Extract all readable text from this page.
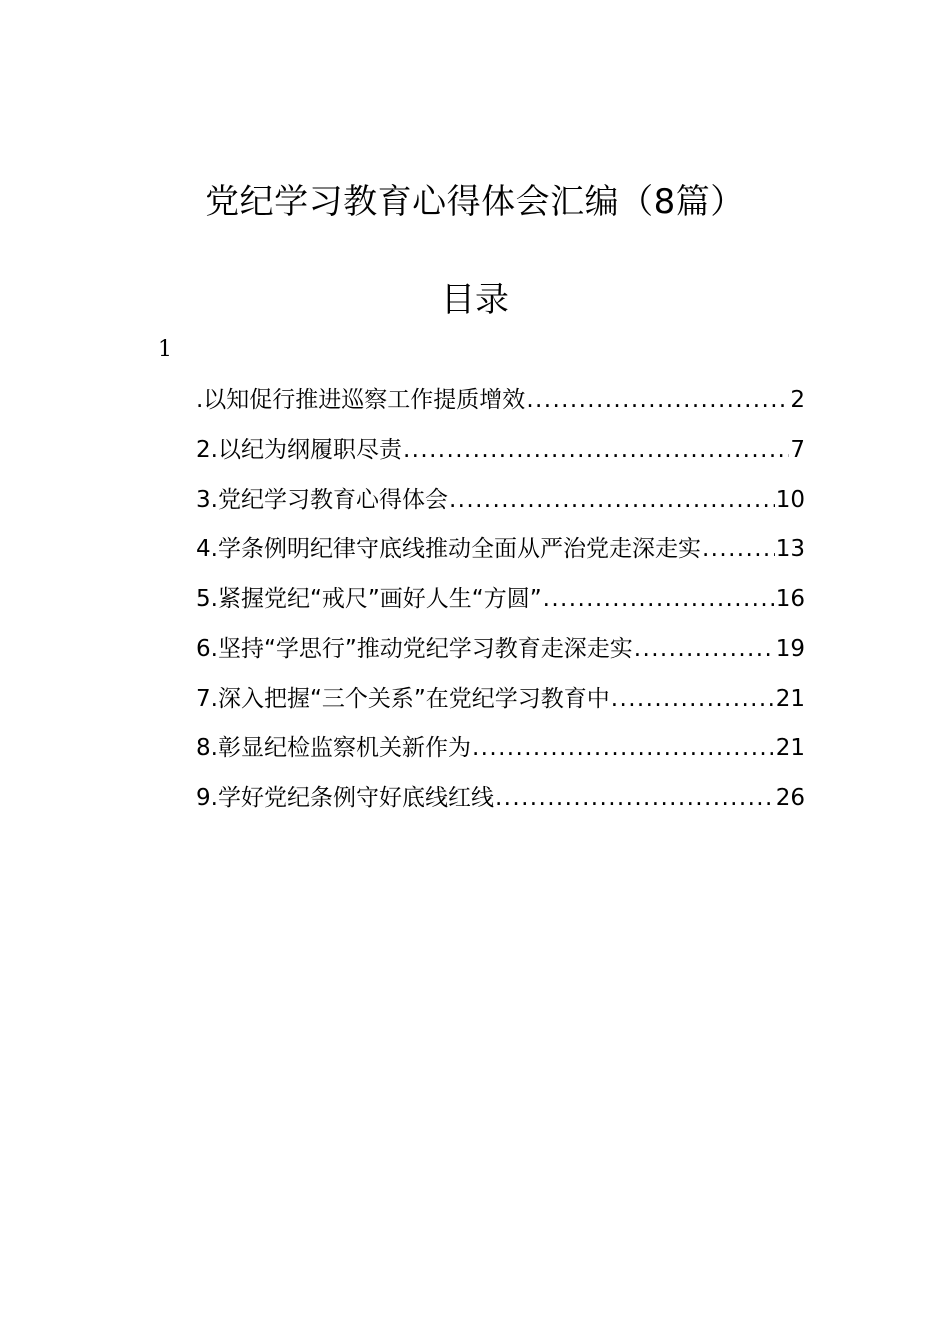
党纪学习教育心得体会汇编（8篇）
目录
1
.以知促行推进巡察工作提质增效 .....	2
2.以纪为纲履职尽责 .....	7
3.党纪学习教育心得体会 .....	10
4.学条例明纪律守底线推动全面从严治党走深走实 .....	13
5.紧握党纪“戒尺”画好人生“方圆” .....	16
6.坚持“学思行”推动党纪学习教育走深走实 .....	19
7.深入把握“三个关系”在党纪学习教育中 .....	21
8.彰显纪检监察机关新作为 .....	21
9.学好党纪条例守好底线红线 .....	26
